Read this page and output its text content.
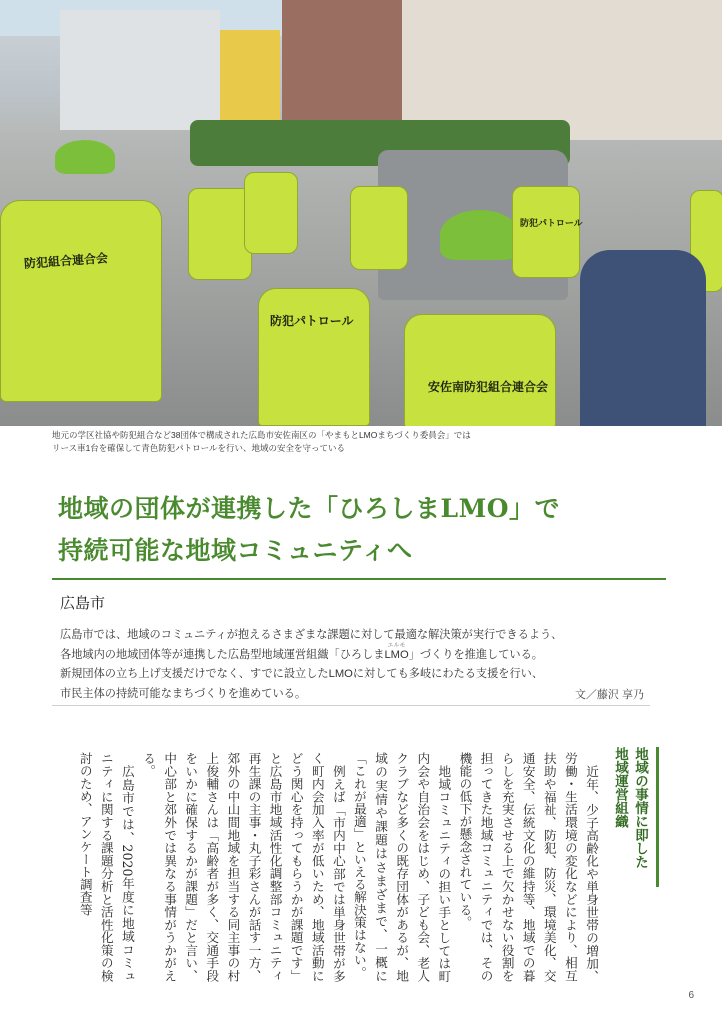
防犯組合連合会
防犯パトロール
安佐南防犯組合連合会
防犯パトロール
地元の学区社協や防犯組合など38団体で構成された広島市安佐南区の「やまもとLMOまちづくり委員会」では
リース車1台を確保して青色防犯パトロールを行い、地域の安全を守っている
地域の団体が連携した「ひろしまLMO」で
持続可能な地域コミュニティへ
広島市

広島市では、地域のコミュニティが抱えるさまざまな課題に対して最適な解決策が実行できるよう、

各地域内の地域団体等が連携した広島型地域運営組織「ひろしま
エルモ
LMO」づくりを推進している。

新規団体の立ち上げ支援だけでなく、すでに設立したLMOに対しても多岐にわたる支援を行い、

市民主体の持続可能なまちづくりを進めている。	文／藤沢 享乃
地域の事情に即した
地域運営組織

近年、少子高齢化や単身世帯の増加、労働・生活環境の変化などにより、相互扶助や福祉、防犯、防災、環境美化、交通安全、伝統文化の維持等、地域での暮らしを充実させる上で欠かせない役割を担ってきた地域コミュニティでは、その機能の低下が懸念されている。

地域コミュニティの担い手としては町内会や自治会をはじめ、子ども会、老人クラブなど多くの既存団体があるが、地域の実情や課題はさまざまで、一概に「これが最適」といえる解決策はない。

例えば「市内中心部では単身世帯が多く町内会加入率が低いため、地域活動にどう関心を持ってもらうかが課題です」と広島市地域活性化調整部コミュニティ再生課の主事・丸子彩さんが話す一方、郊外の中山間地域を担当する同主事の村上俊輔さんは「高齢者が多く、交通手段をいかに確保するかが課題」だと言い、中心部と郊外では異なる事情がうかがえる。

広島市では、2020年度に地域コミュニティに関する課題分析と活性化策の検討のため、アンケート調査等

6
